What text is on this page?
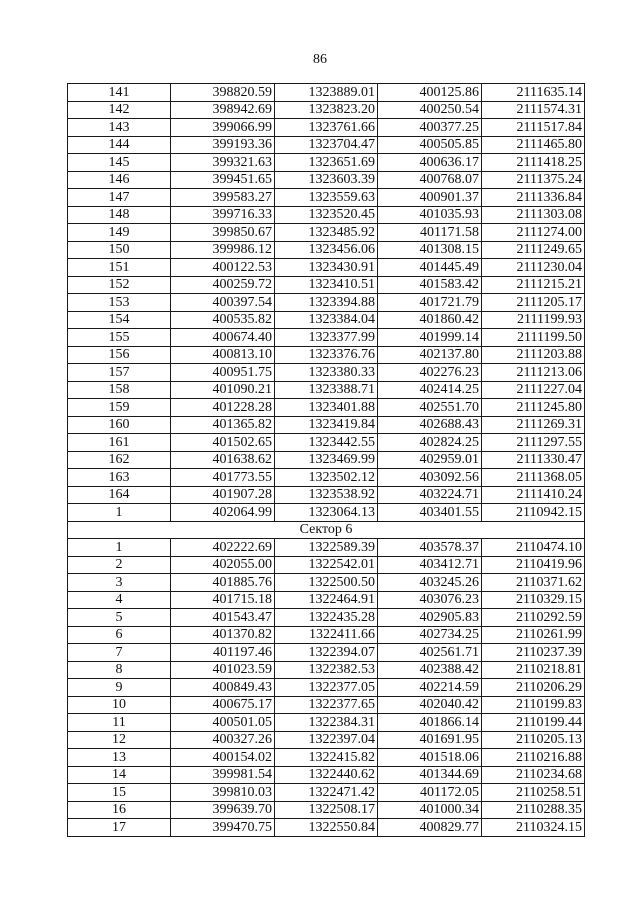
86
141	398820.59	1323889.01	400125.86	2111635.14
142	398942.69	1323823.20	400250.54	2111574.31
143	399066.99	1323761.66	400377.25	2111517.84
144	399193.36	1323704.47	400505.85	2111465.80
145	399321.63	1323651.69	400636.17	2111418.25
146	399451.65	1323603.39	400768.07	2111375.24
147	399583.27	1323559.63	400901.37	2111336.84
148	399716.33	1323520.45	401035.93	2111303.08
149	399850.67	1323485.92	401171.58	2111274.00
150	399986.12	1323456.06	401308.15	2111249.65
151	400122.53	1323430.91	401445.49	2111230.04
152	400259.72	1323410.51	401583.42	2111215.21
153	400397.54	1323394.88	401721.79	2111205.17
154	400535.82	1323384.04	401860.42	2111199.93
155	400674.40	1323377.99	401999.14	2111199.50
156	400813.10	1323376.76	402137.80	2111203.88
157	400951.75	1323380.33	402276.23	2111213.06
158	401090.21	1323388.71	402414.25	2111227.04
159	401228.28	1323401.88	402551.70	2111245.80
160	401365.82	1323419.84	402688.43	2111269.31
161	401502.65	1323442.55	402824.25	2111297.55
162	401638.62	1323469.99	402959.01	2111330.47
163	401773.55	1323502.12	403092.56	2111368.05
164	401907.28	1323538.92	403224.71	2111410.24
1	402064.99	1323064.13	403401.55	2110942.15
Сектор 6				
1	402222.69	1322589.39	403578.37	2110474.10
2	402055.00	1322542.01	403412.71	2110419.96
3	401885.76	1322500.50	403245.26	2110371.62
4	401715.18	1322464.91	403076.23	2110329.15
5	401543.47	1322435.28	402905.83	2110292.59
6	401370.82	1322411.66	402734.25	2110261.99
7	401197.46	1322394.07	402561.71	2110237.39
8	401023.59	1322382.53	402388.42	2110218.81
9	400849.43	1322377.05	402214.59	2110206.29
10	400675.17	1322377.65	402040.42	2110199.83
11	400501.05	1322384.31	401866.14	2110199.44
12	400327.26	1322397.04	401691.95	2110205.13
13	400154.02	1322415.82	401518.06	2110216.88
14	399981.54	1322440.62	401344.69	2110234.68
15	399810.03	1322471.42	401172.05	2110258.51
16	399639.70	1322508.17	401000.34	2110288.35
17	399470.75	1322550.84	400829.77	2110324.15
